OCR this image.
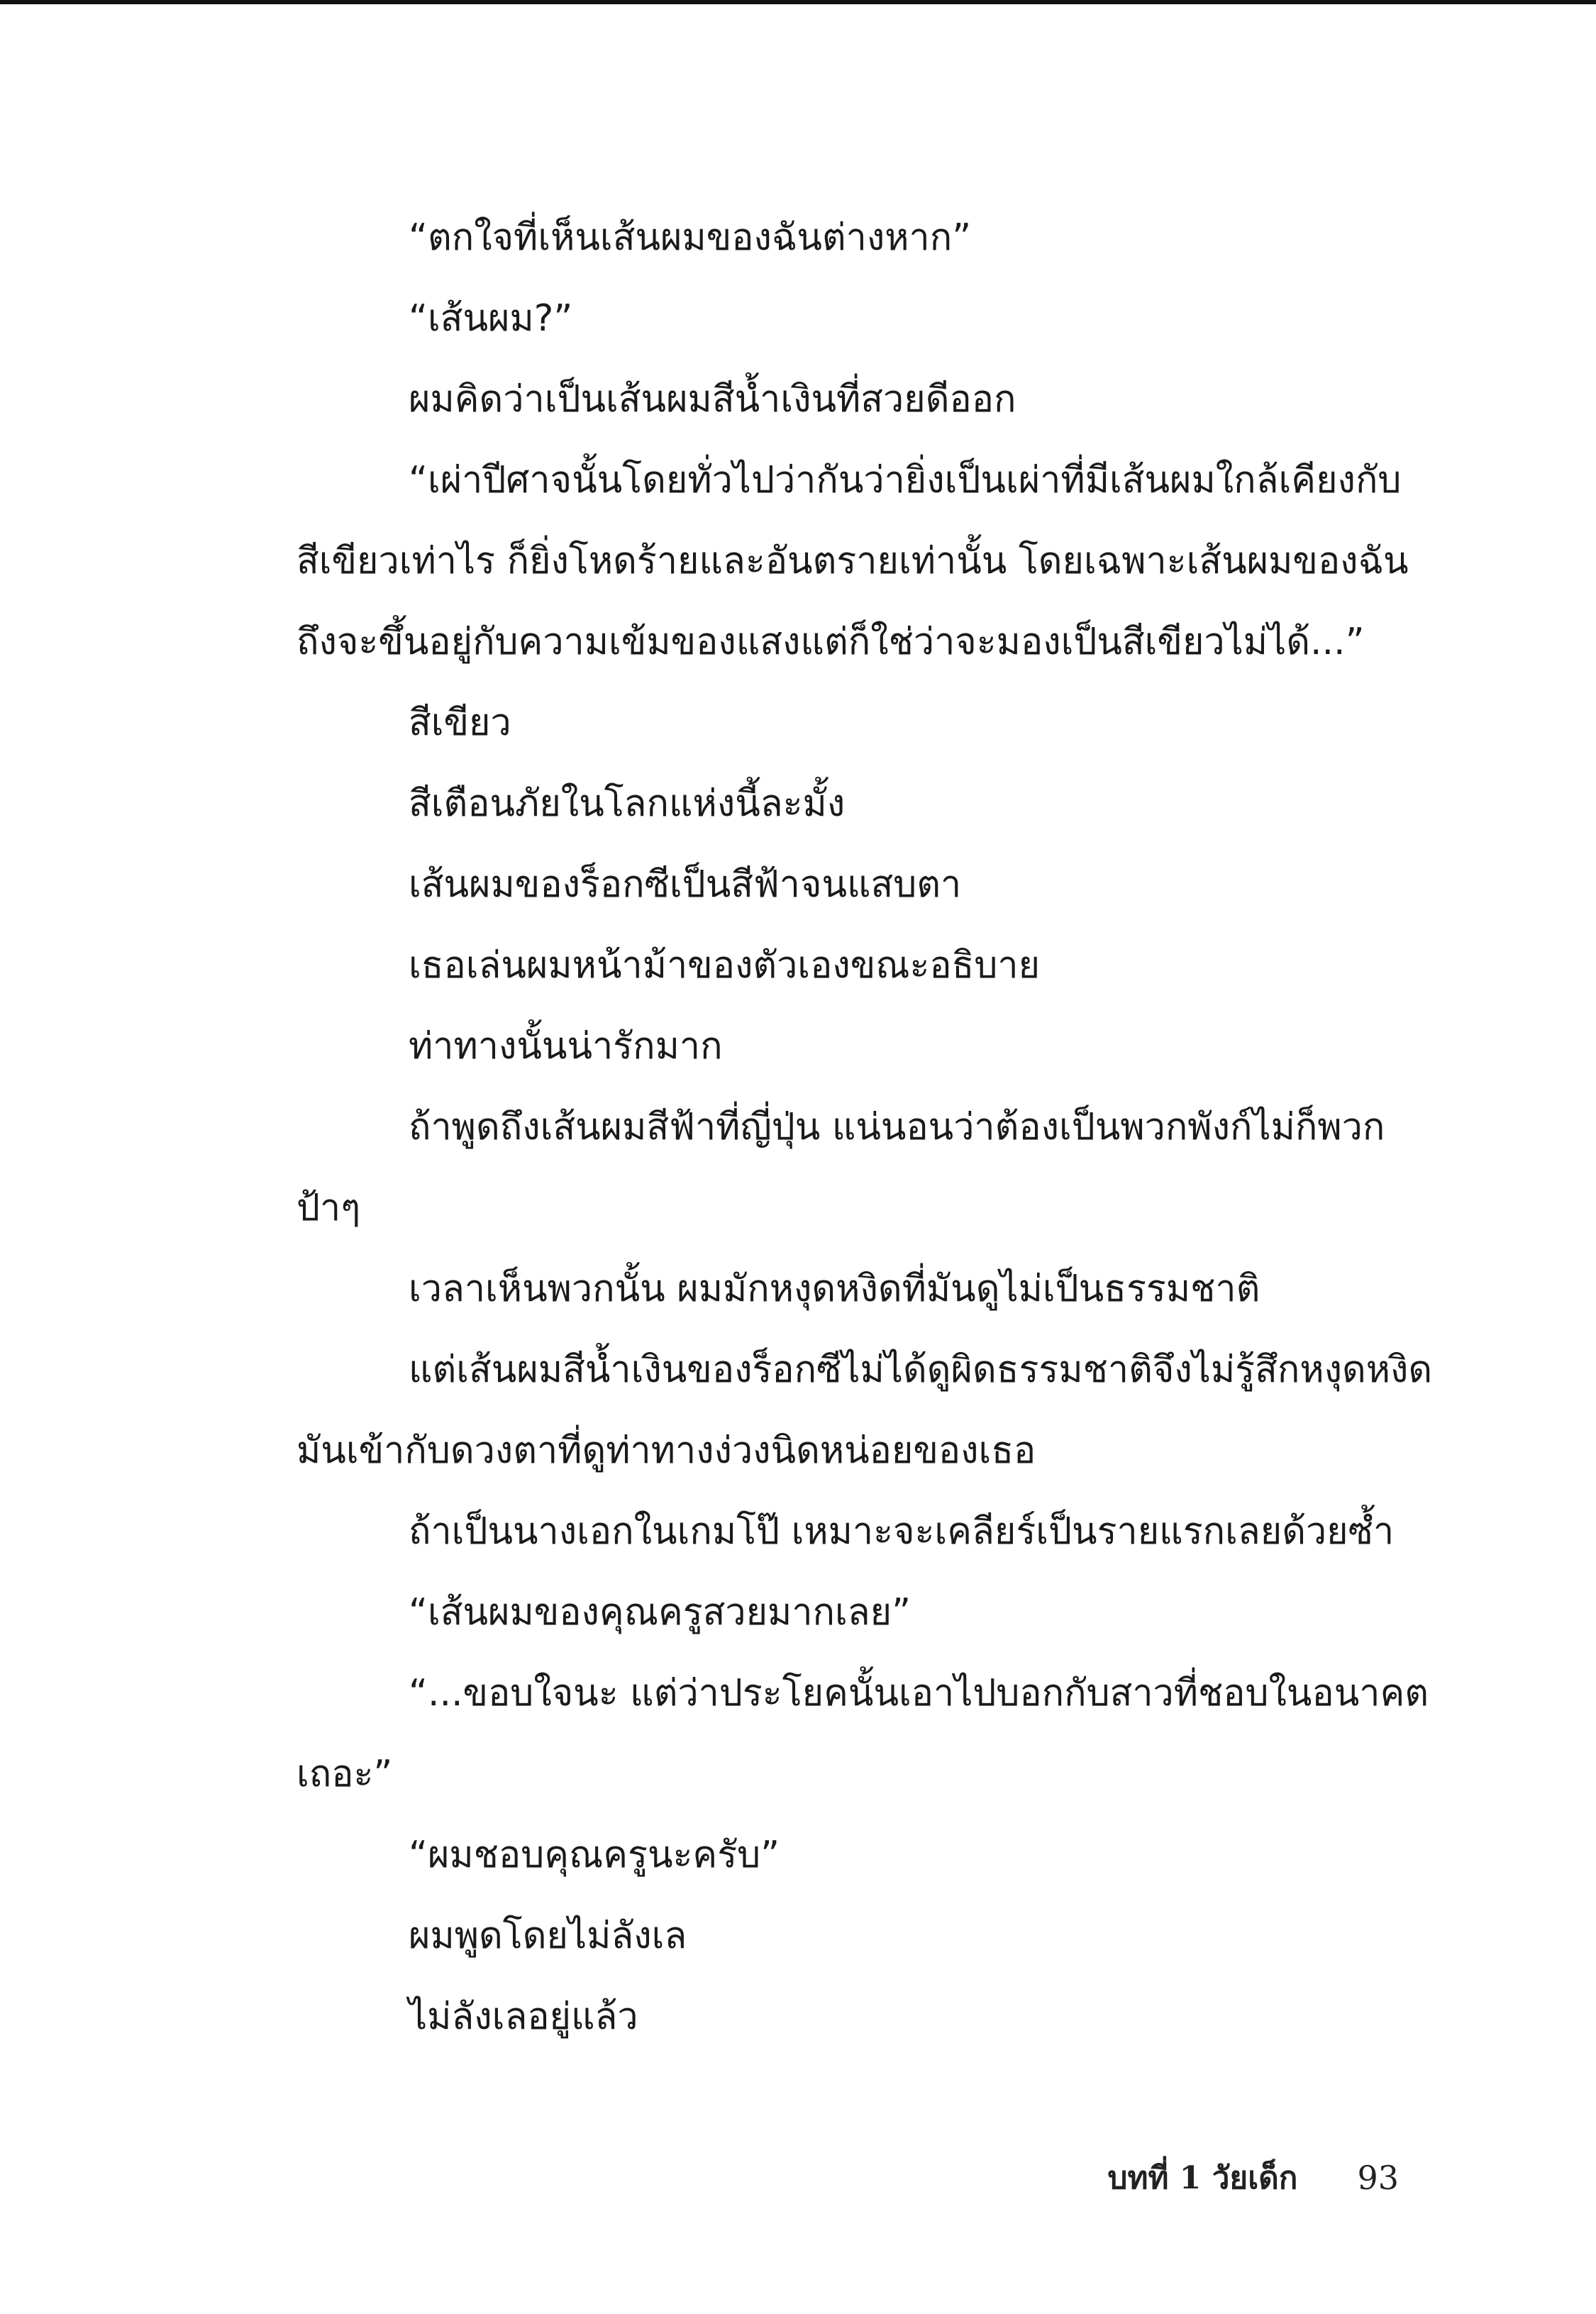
“ตกใจที่เห็นเส้นผมของฉันต่างหาก”
“เส้นผม?”
ผมคิดว่าเป็นเส้นผมสีน้ำเงินที่สวยดีออก
“เผ่าปีศาจนั้นโดยทั่วไปว่ากันว่ายิ่งเป็นเผ่าที่มีเส้นผมใกล้เคียงกับ
สีเขียวเท่าไร ก็ยิ่งโหดร้ายและอันตรายเท่านั้น โดยเฉพาะเส้นผมของฉัน
ถึงจะขึ้นอยู่กับความเข้มของแสงแต่ก็ใช่ว่าจะมองเป็นสีเขียวไม่ได้...”
สีเขียว
สีเตือนภัยในโลกแห่งนี้ละมั้ง
เส้นผมของร็อกซีเป็นสีฟ้าจนแสบตา
เธอเล่นผมหน้าม้าของตัวเองขณะอธิบาย
ท่าทางนั้นน่ารักมาก
ถ้าพูดถึงเส้นผมสีฟ้าที่ญี่ปุ่น แน่นอนว่าต้องเป็นพวกพังก์ไม่ก็พวก
ป้าๆ
เวลาเห็นพวกนั้น ผมมักหงุดหงิดที่มันดูไม่เป็นธรรมชาติ
แต่เส้นผมสีน้ำเงินของร็อกซีไม่ได้ดูผิดธรรมชาติจึงไม่รู้สึกหงุดหงิด
มันเข้ากับดวงตาที่ดูท่าทางง่วงนิดหน่อยของเธอ
ถ้าเป็นนางเอกในเกมโป๊ เหมาะจะเคลียร์เป็นรายแรกเลยด้วยซ้ำ
“เส้นผมของคุณครูสวยมากเลย”
“...ขอบใจนะ แต่ว่าประโยคนั้นเอาไปบอกกับสาวที่ชอบในอนาคต
เถอะ”
“ผมชอบคุณครูนะครับ”
ผมพูดโดยไม่ลังเล
ไม่ลังเลอยู่แล้ว
บทที่ 1 วัยเด็ก 93
